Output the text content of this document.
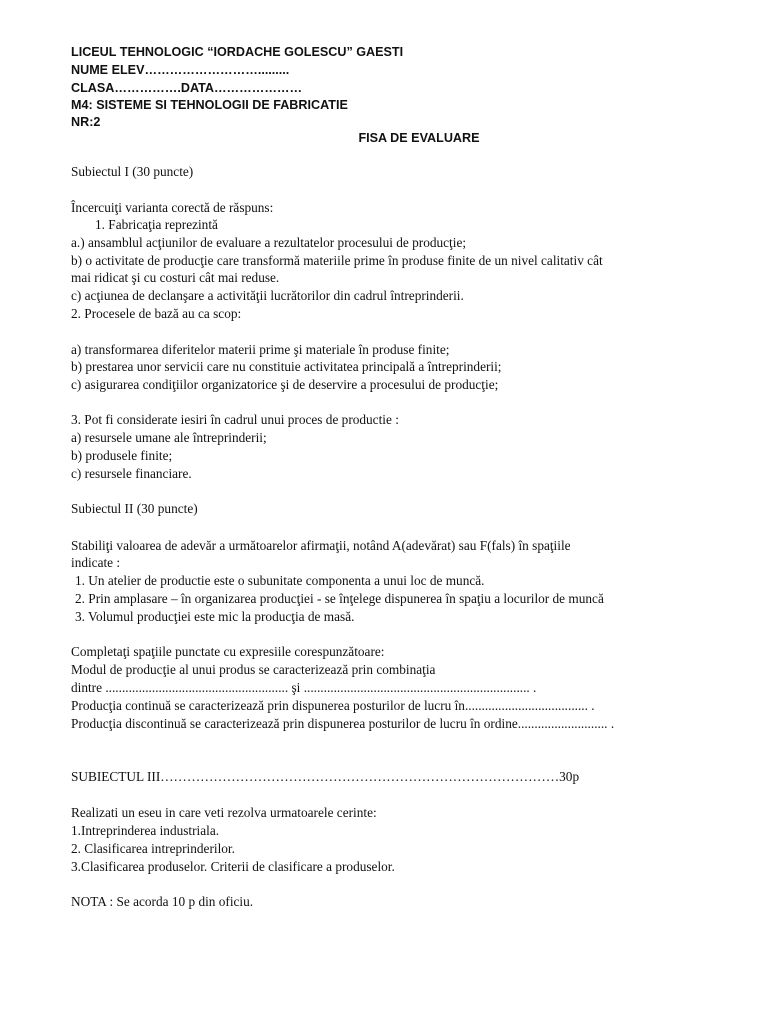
LICEUL TEHNOLOGIC “IORDACHE GOLESCU” GAESTI

NUME ELEV……………………….........

CLASA…………….DATA…………………

M4: SISTEME SI TEHNOLOGII DE FABRICATIE

NR:2

FISA DE EVALUARE

Subiectul I (30 puncte)

Încercuiţi varianta corectă de răspuns:

1. Fabricaţia reprezintă

a.) ansamblul acţiunilor de evaluare a rezultatelor procesului de producţie;

b) o activitate de producţie care transformă materiile prime în produse finite de un nivel calitativ cât

mai ridicat şi cu costuri cât mai reduse.

c) acţiunea de declanşare a activităţii lucrătorilor din cadrul întreprinderii.

2. Procesele de bază au ca scop:

a) transformarea diferitelor materii prime şi materiale în produse finite;

b) prestarea unor servicii care nu constituie activitatea principală a întreprinderii;

c) asigurarea condiţiilor organizatorice şi de deservire a procesului de producţie;

3. Pot fi considerate iesiri în cadrul unui proces de productie :

a) resursele umane ale întreprinderii;

b) produsele finite;

c) resursele financiare.

Subiectul II (30 puncte)

Stabiliţi valoarea de adevăr a următoarelor afirmaţii, notând A(adevărat) sau F(fals) în spaţiile

indicate :

1. Un atelier de productie este o subunitate componenta a unui loc de muncă.

2. Prin amplasare – în organizarea producţiei - se înţelege dispunerea în spaţiu a locurilor de muncă

3. Volumul producţiei este mic la producţia de masă.

Completaţi spaţiile punctate cu expresiile corespunzătoare:

Modul de producţie al unui produs se caracterizează prin combinaţia

dintre ....................................................... şi .................................................................... .

Producţia continuă se caracterizează prin dispunerea posturilor de lucru în..................................... .

Producţia discontinuă se caracterizează prin dispunerea posturilor de lucru în ordine........................... .

SUBIECTUL III………………………………………………………………………………30p

Realizati un eseu in care veti rezolva urmatoarele cerinte:

1.Intreprinderea industriala.

2. Clasificarea intreprinderilor.

3.Clasificarea produselor. Criterii de clasificare a produselor.

NOTA : Se acorda 10 p din oficiu.
